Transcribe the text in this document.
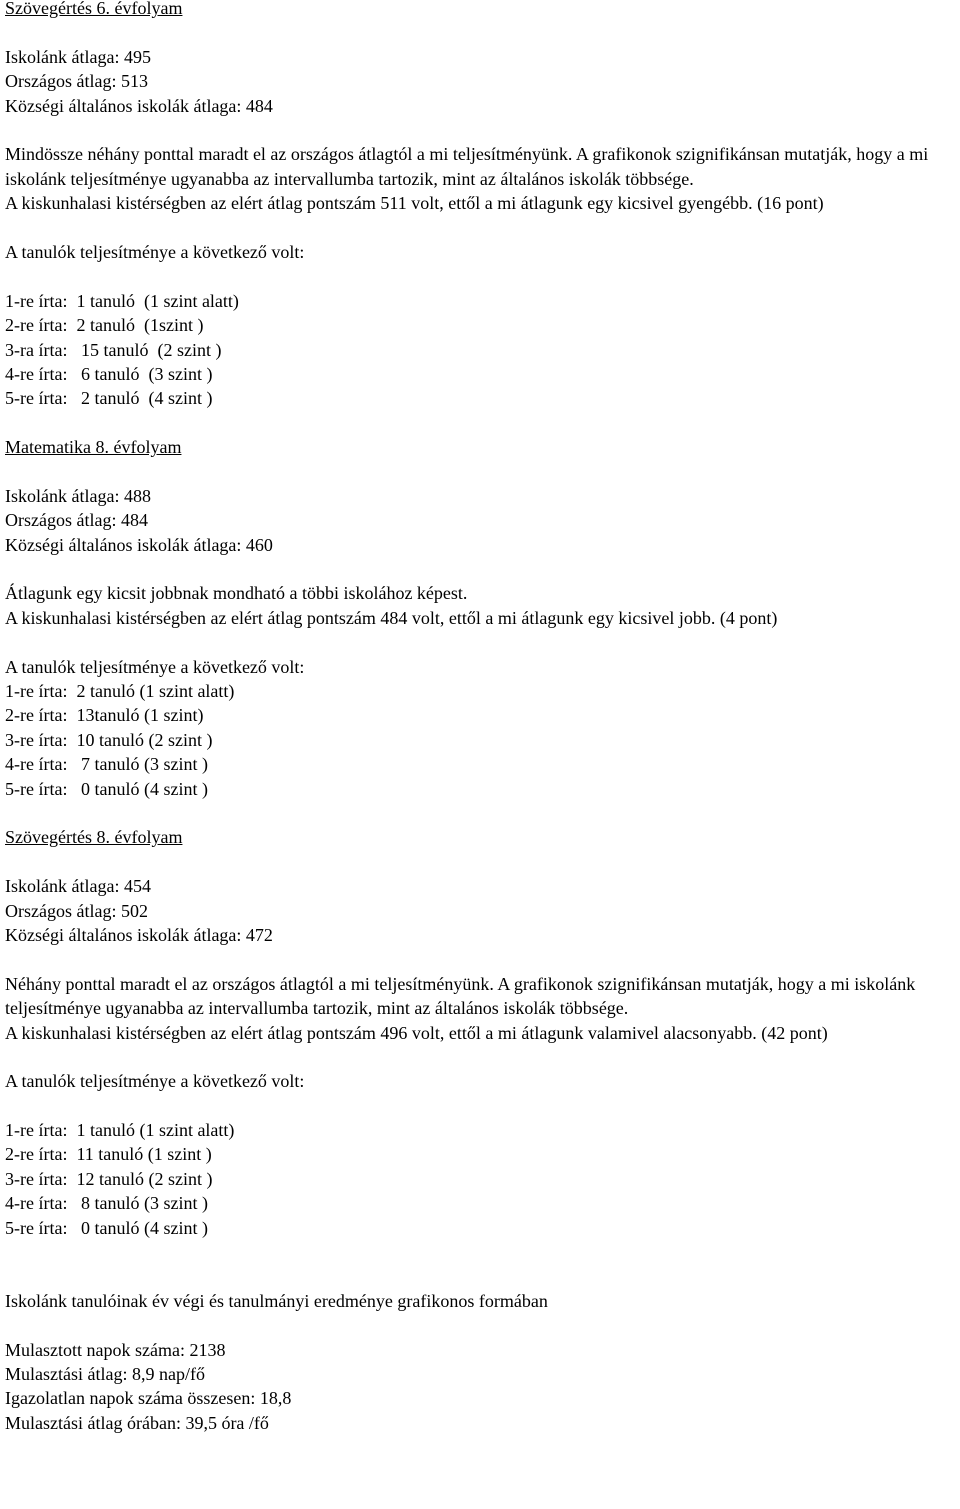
Szövegértés 6. évfolyam
Iskolánk átlaga: 495
Országos átlag: 513
Községi általános iskolák átlaga: 484
Mindössze néhány ponttal maradt el az országos átlagtól a mi teljesítményünk. A grafikonok szignifikánsan mutatják, hogy a mi iskolánk teljesítménye ugyanabba az intervallumba tartozik, mint az általános iskolák többsége.
A kiskunhalasi kistérségben az elért átlag pontszám 511 volt, ettől a mi átlagunk egy kicsivel gyengébb. (16 pont)
A tanulók teljesítménye a következő volt:
1-re írta:  1 tanuló  (1 szint alatt)
2-re írta:  2 tanuló  (1szint )
3-ra írta:   15 tanuló  (2 szint )
4-re írta:   6 tanuló  (3 szint )
5-re írta:   2 tanuló  (4 szint )
Matematika 8. évfolyam
Iskolánk átlaga: 488
Országos átlag: 484
Községi általános iskolák átlaga: 460
Átlagunk egy kicsit jobbnak mondható a többi iskolához képest.
A kiskunhalasi kistérségben az elért átlag pontszám 484 volt, ettől a mi átlagunk egy kicsivel jobb. (4 pont)
A tanulók teljesítménye a következő volt:
1-re írta:  2 tanuló (1 szint alatt)
2-re írta:  13tanuló (1 szint)
3-re írta:  10 tanuló (2 szint )
4-re írta:   7 tanuló (3 szint )
5-re írta:   0 tanuló (4 szint )
Szövegértés 8. évfolyam
Iskolánk átlaga: 454
Országos átlag: 502
Községi általános iskolák átlaga: 472
Néhány ponttal maradt el az országos átlagtól a mi teljesítményünk. A grafikonok szignifikánsan mutatják, hogy a mi iskolánk teljesítménye ugyanabba az intervallumba tartozik, mint az általános iskolák többsége.
A kiskunhalasi kistérségben az elért átlag pontszám 496 volt, ettől a mi átlagunk valamivel alacsonyabb. (42 pont)
A tanulók teljesítménye a következő volt:
1-re írta:  1 tanuló (1 szint alatt)
2-re írta:  11 tanuló (1 szint )
3-re írta:  12 tanuló (2 szint )
4-re írta:   8 tanuló (3 szint )
5-re írta:   0 tanuló (4 szint )
Iskolánk tanulóinak év végi és tanulmányi eredménye grafikonos formában
Mulasztott napok száma: 2138
Mulasztási átlag: 8,9 nap/fő
Igazolatlan napok száma összesen: 18,8
Mulasztási átlag órában: 39,5 óra /fő
